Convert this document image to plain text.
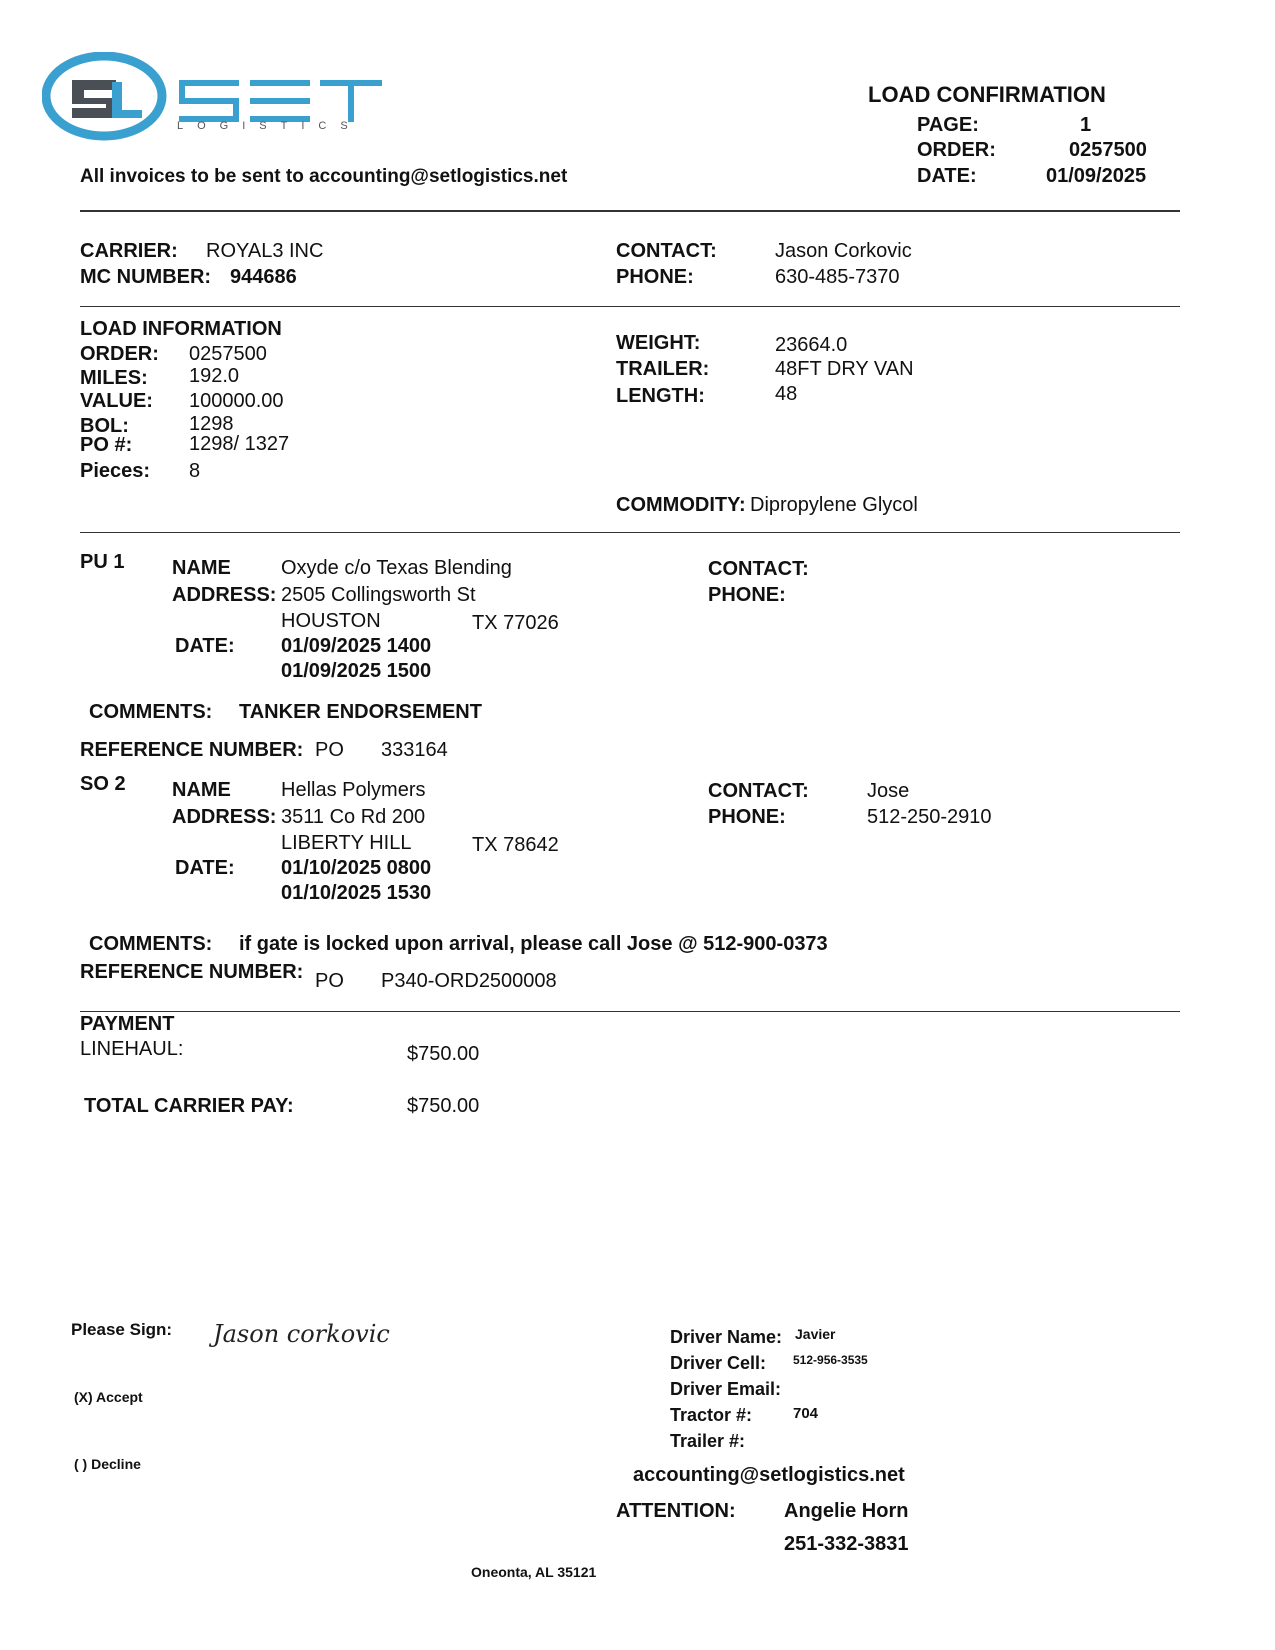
LOGISTICS
All invoices to be sent to accounting@setlogistics.net
LOAD CONFIRMATION
PAGE:	1
ORDER:	0257500
DATE:	01/09/2025
CARRIER: ROYAL3 INC
MC NUMBER: 944686
CONTACT:	Jason Corkovic
PHONE:	630-485-7370
LOAD INFORMATION
ORDER: 0257500
MILES: 192.0
VALUE: 100000.00
BOL:	1298
PO #:	1298/ 1327
Pieces: 8
WEIGHT:	23664.0
TRAILER:	48FT DRY VAN
LENGTH:	48
COMMODITY: Dipropylene Glycol
PU 1 NAME	Oxyde c/o Texas Blending
ADDRESS: 2505 Collingsworth St
HOUSTON	TX 77026
DATE: 01/09/2025 1400
01/09/2025 1500
CONTACT:
PHONE:
COMMENTS: TANKER ENDORSEMENT
REFERENCE NUMBER: PO 333164
SO 2 NAME	Hellas Polymers
ADDRESS: 3511 Co Rd 200
LIBERTY HILL	TX 78642
DATE: 01/10/2025 0800
01/10/2025 1530
CONTACT:	Jose
PHONE:	512-250-2910
COMMENTS: if gate is locked upon arrival, please call Jose @ 512-900-0373
REFERENCE NUMBER: PO P340-ORD2500008
PAYMENT
LINEHAUL:	$750.00
TOTAL CARRIER PAY:	$750.00
Please Sign: Jason corkovic
(X) Accept
( ) Decline
Driver Name: Javier
Driver Cell: 512-956-3535
Driver Email:
Tractor #:	704
Trailer #:
accounting@setlogistics.net
ATTENTION: Angelie Horn
251-332-3831
Oneonta, AL 35121
